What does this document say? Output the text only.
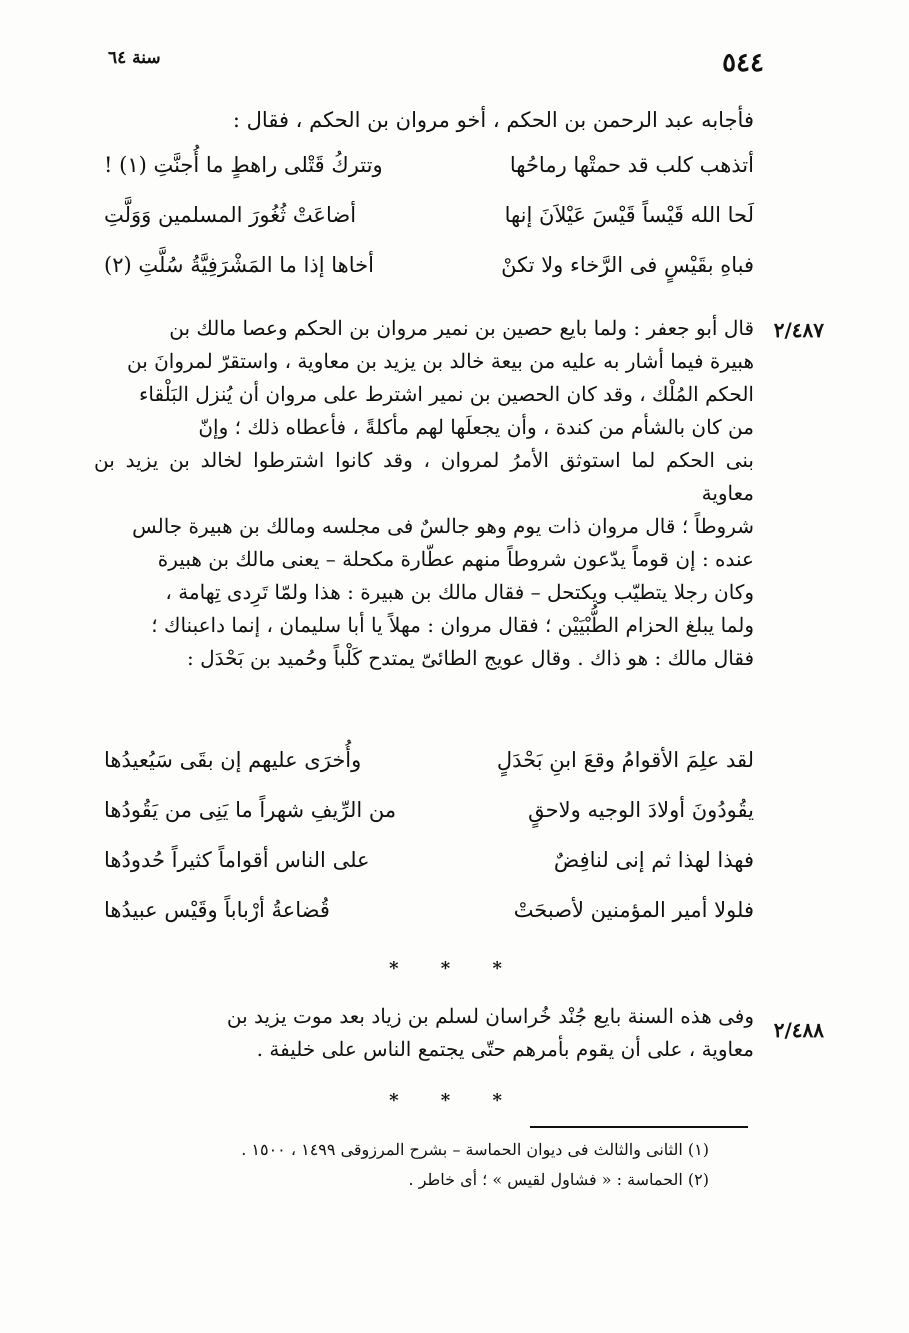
٥٤٤
سنة ٦٤
فأجابه عبد الرحمن بن الحكم ، أخو مروان بن الحكم ، فقال :
أتذهب كلب قد حمتْها رماحُها
وتتركُ قَتْلى راهطٍ ما أُجنَّتِ (١) !
لَحا الله قَيْساً قَيْسَ عَيْلاَنَ إنها
أضاعَتْ ثُغُورَ المسلمين وَوَلَّتِ
فباهِ بقَيْسٍ فى الرَّخاء ولا تكنْ
أخاها إذا ما المَشْرَفِيَّةُ سُلَّتِ (٢)
٢/٤٨٧

قال أبو جعفر : ولما بايع حصين بن نمير مروان بن الحكم وعصا مالك بن

هبيرة فيما أشار به عليه من بيعة خالد بن يزيد بن معاوية ، واستقرّ لمروانَ بن

الحكم المُلْك ، وقد كان الحصين بن نمير اشترط على مروان أن يُنزل البَلْقاء

من كان بالشأم من كندة ، وأن يجعلَها لهم مأكلةً ، فأعطاه ذلك ؛ وإنّ

بنى الحكم لما استوثق الأمرُ لمروان ، وقد كانوا اشترطوا لخالد بن يزيد بن معاوية

شروطاً ؛ قال مروان ذات يوم وهو جالسٌ فى مجلسه ومالك بن هبيرة جالس

عنده : إن قوماً يدّعون شروطاً منهم عطّارة مكحلة – يعنى مالك بن هبيرة

وكان رجلا يتطيّب ويكتحل – فقال مالك بن هبيرة : هذا ولمّا تَرِدى تِهامة ،

ولما يبلغ الحزام الطُّبْيَيْن ؛ فقال مروان : مهلاً يا أبا سليمان ، إنما داعبناك ؛

فقال مالك : هو ذاك . وقال عويج الطائىّ يمتدح كَلْباً وحُميد بن بَحْدَل :

لقد علِمَ الأقوامُ وقعَ ابنِ بَحْدَلٍ
وأُخرَى عليهم إن بقَى سَيُعيدُها
يقُودُونَ أولادَ الوجيه ولاحقٍ
من الرِّيفِ شهراً ما يَنِى من يَقُودُها
فهذا لهذا ثم إنى لنافِضٌ
على الناس أقواماً كثيراً حُدودُها
فلولا أمير المؤمنين لأصبحَتْ
قُضاعةُ أرْباباً وقَيْس عبيدُها
* * *
٢/٤٨٨

وفى هذه السنة بايع جُنْد خُراسان لسلم بن زياد بعد موت يزيد بن

معاوية ، على أن يقوم بأمرهم حتّى يجتمع الناس على خليفة .

* * *
(١) الثانى والثالث فى ديوان الحماسة – بشرح المرزوقى ١٤٩٩ ، ١٥٠٠ .
(٢) الحماسة : « فشاول لقيس » ؛ أى خاطر .
